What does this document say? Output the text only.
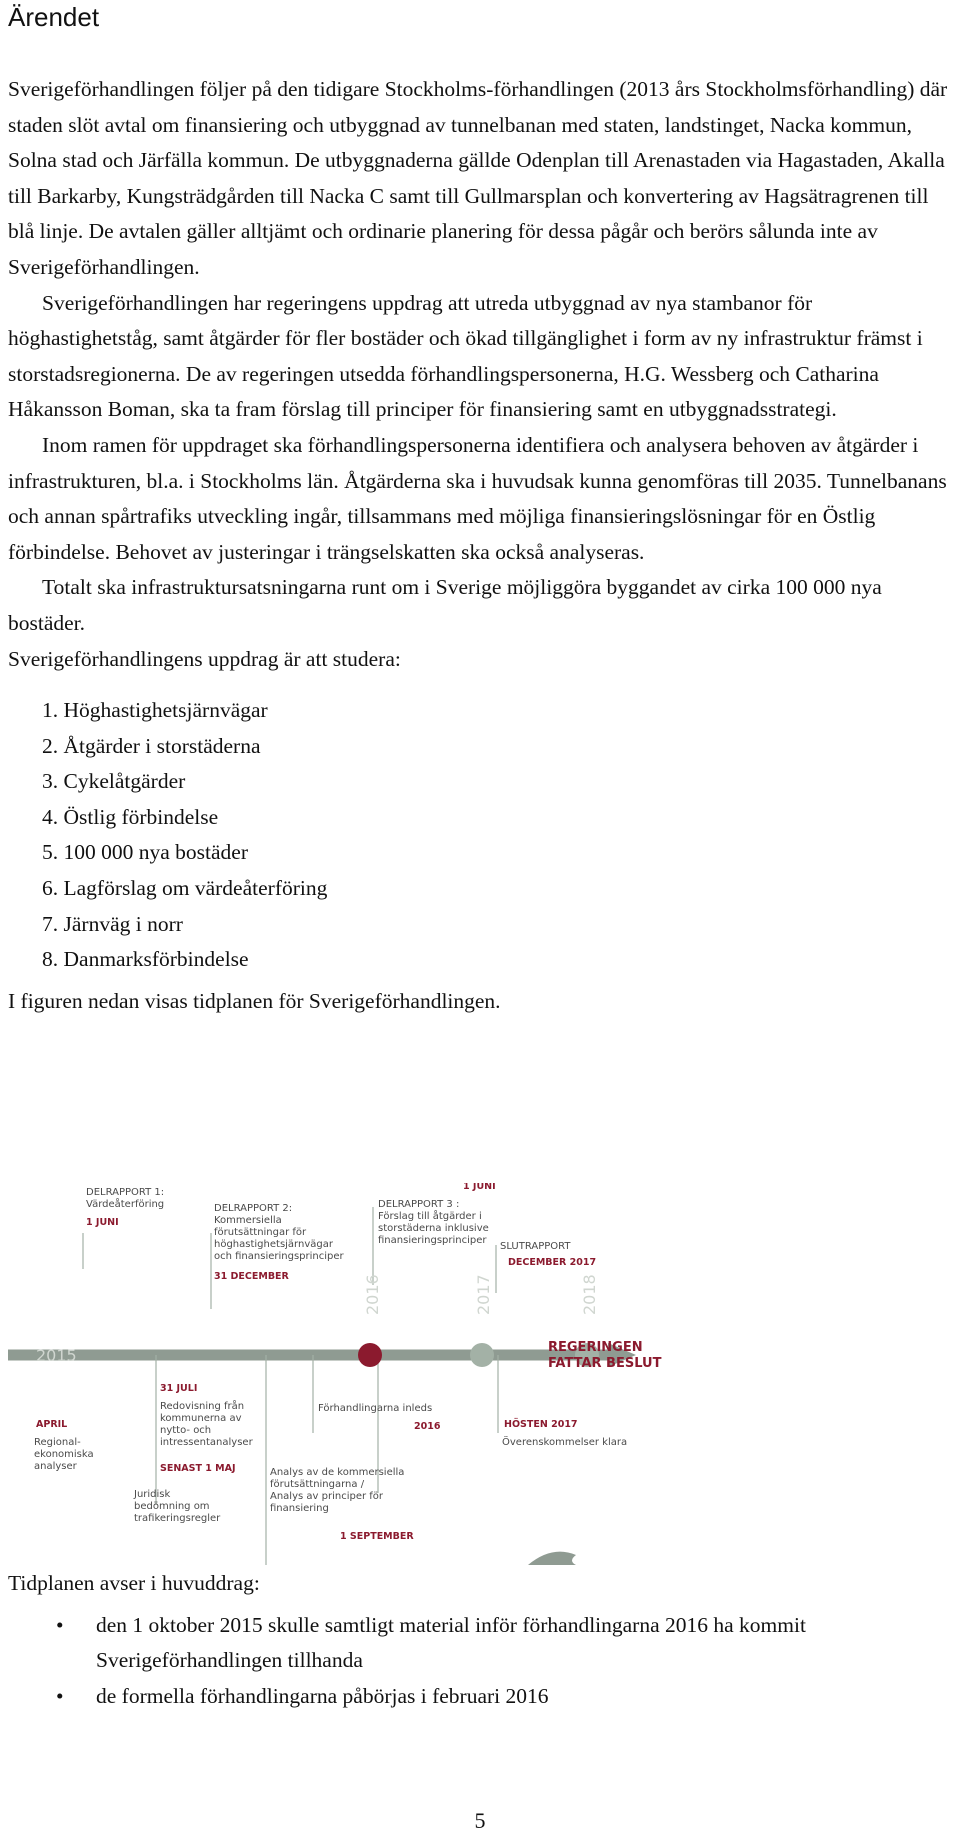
Ärendet

Sverigeförhandlingen följer på den tidigare Stockholms-förhandlingen (2013 års Stockholmsförhandling) där staden slöt avtal om finansiering och utbyggnad av tunnelbanan med staten, landstinget, Nacka kommun, Solna stad och Järfälla kommun. De utbyggnaderna gällde Odenplan till Arenastaden via Hagastaden, Akalla till Barkarby, Kungsträdgården till Nacka C samt till Gullmarsplan och konvertering av Hagsätragrenen till blå linje. De avtalen gäller alltjämt och ordinarie planering för dessa pågår och berörs sålunda inte av Sverigeförhandlingen.

Sverigeförhandlingen har regeringens uppdrag att utreda utbyggnad av nya stambanor för höghastighetståg, samt åtgärder för fler bostäder och ökad tillgänglighet i form av ny infrastruktur främst i storstadsregionerna. De av regeringen utsedda förhandlingspersonerna, H.G. Wessberg och Catharina Håkansson Boman, ska ta fram förslag till principer för finansiering samt en utbyggnadsstrategi.

Inom ramen för uppdraget ska förhandlingspersonerna identifiera och analysera behoven av åtgärder i infrastrukturen, bl.a. i Stockholms län. Åtgärderna ska i huvudsak kunna genomföras till 2035. Tunnelbanans och annan spårtrafiks utveckling ingår, tillsammans med möjliga finansieringslösningar för en Östlig förbindelse. Behovet av justeringar i trängselskatten ska också analyseras.

Totalt ska infrastruktursatsningarna runt om i Sverige möjliggöra byggandet av cirka 100 000 nya bostäder.

Sverigeförhandlingens uppdrag är att studera:

1. Höghastighetsjärnvägar
2. Åtgärder i storstäderna
3. Cykelåtgärder
4. Östlig förbindelse
5. 100 000 nya bostäder
6. Lagförslag om värdeåterföring
7. Järnväg i norr
8. Danmarksförbindelse

I figuren nedan visas tidplanen för Sverigeförhandlingen.

2015
2016	2017	2018
DELRAPPORT 1:
Värdeåterföring
1 JUNI
DELRAPPORT 2:
Kommersiella
förutsättningar för
höghastighetsjärnvägar
och finansieringsprinciper
31 DECEMBER
1 JUNI
DELRAPPORT 3 :
Förslag till åtgärder i
storstäderna inklusive
finansieringsprinciper
SLUTRAPPORT
DECEMBER 2017
REGERINGEN
FATTAR BESLUT
31 JULI
Redovisning från
kommunerna av
nytto- och
intressentanalyser
APRIL
Regional-
ekonomiska
analyser	SENAST 1 MAJ
Juridisk
bedömning om
trafikeringsregler
Förhandlingarna inleds
2016
Analys av de kommersiella
förutsättningarna /
Analys av principer för
finansiering
1 SEPTEMBER
HÖSTEN 2017
Överenskommelser klara

Tidplanen avser i huvuddrag:

• den 1 oktober 2015 skulle samtligt material inför förhandlingarna 2016 ha kommit Sverigeförhandlingen tillhanda
• de formella förhandlingarna påbörjas i februari 2016
5
